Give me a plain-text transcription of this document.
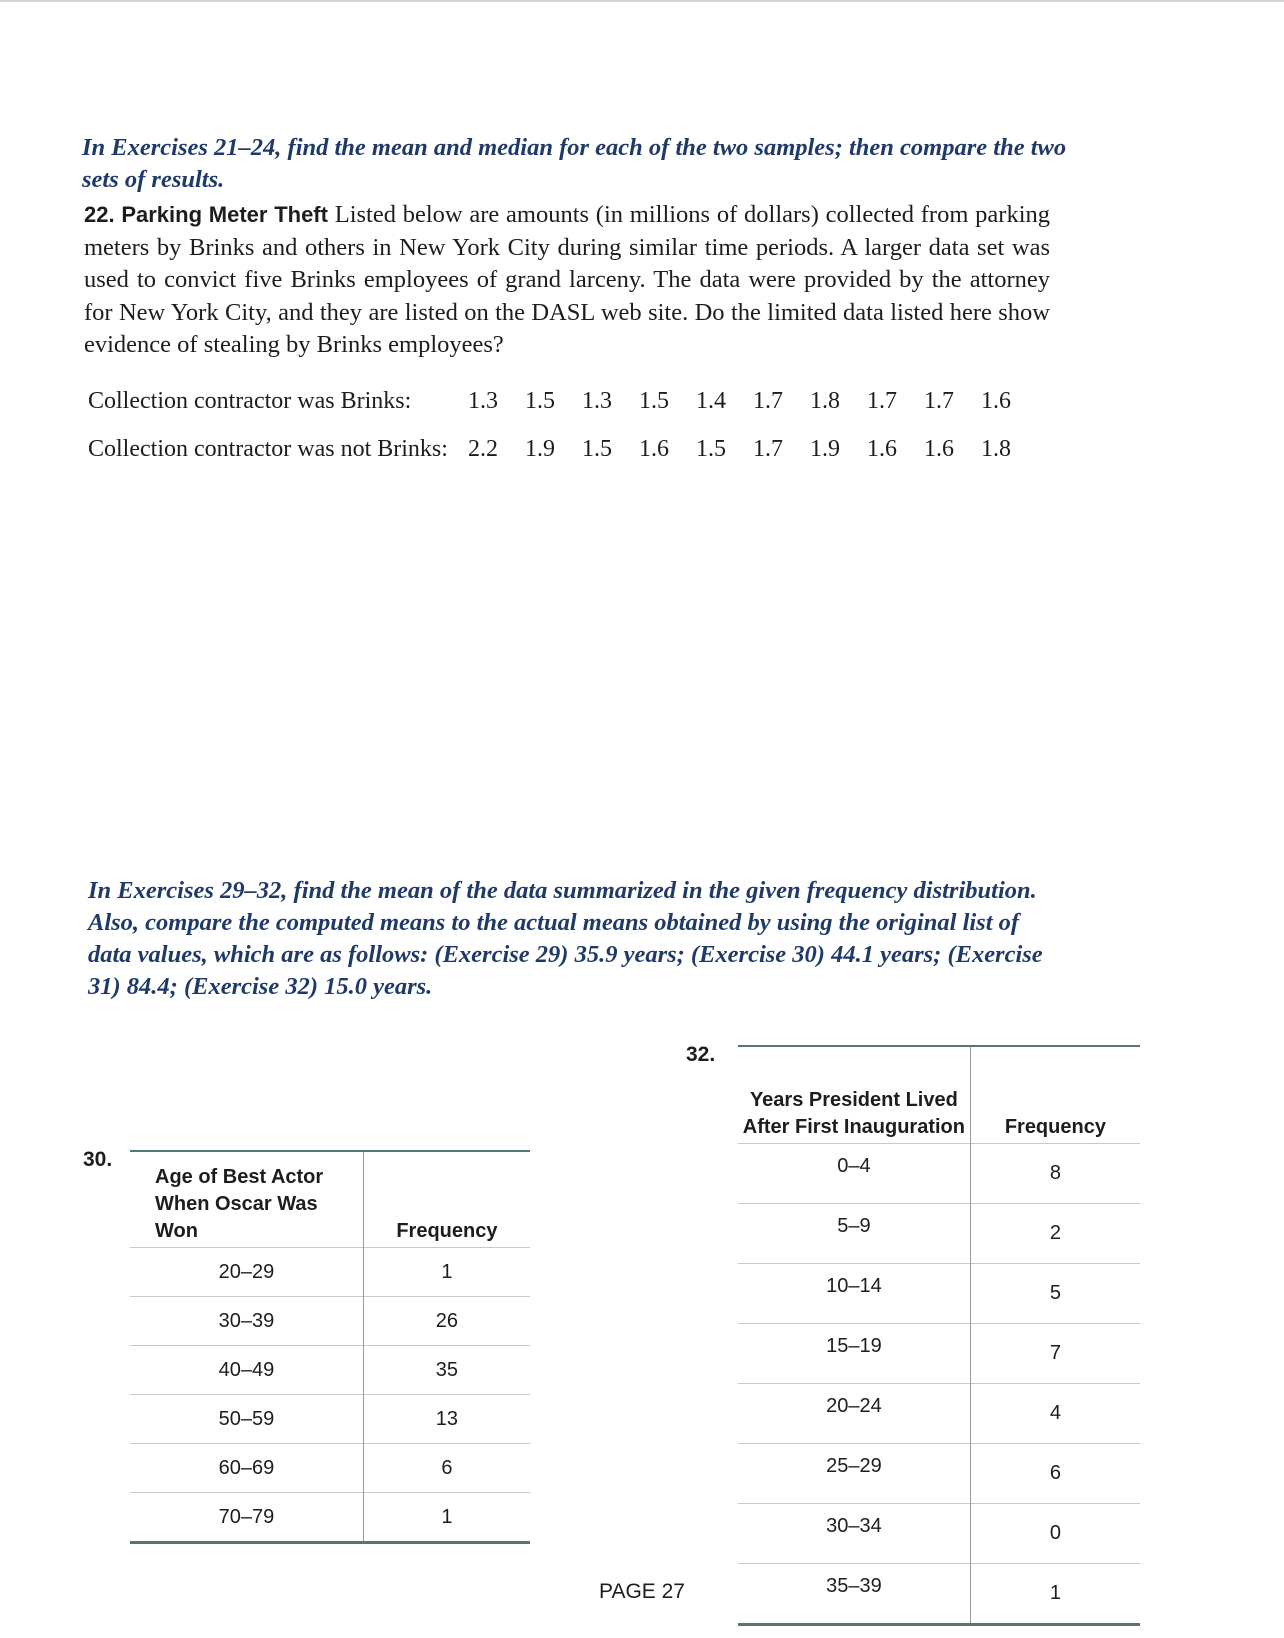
In Exercises 21–24, find the mean and median for each of the two samples; then compare the two sets of results.

22. Parking Meter Theft Listed below are amounts (in millions of dollars) collected from parking meters by Brinks and others in New York City during similar time periods. A larger data set was used to convict five Brinks employees of grand larceny. The data were provided by the attorney for New York City, and they are listed on the DASL web site. Do the limited data listed here show evidence of stealing by Brinks employees?

Collection contractor was Brinks: 1.3	1.5	1.3	1.5	1.4	1.7	1.8	1.7	1.7	1.6
Collection contractor was not Brinks: 2.2	1.9	1.5	1.6	1.5	1.7	1.9	1.6	1.6	1.8

In Exercises 29–32, find the mean of the data summarized in the given frequency distribution. Also, compare the computed means to the actual means obtained by using the original list of data values, which are as follows: (Exercise 29) 35.9 years; (Exercise 30) 44.1 years; (Exercise 31) 84.4; (Exercise 32) 15.0 years.

30.
Age of Best Actor When Oscar Was Won	Frequency
20–29	1
30–39	26
40–49	35
50–59	13
60–69	6
70–79	1
32.
Years President Lived After First Inauguration	Frequency
0–4	8
5–9	2
10–14	5
15–19	7
20–24	4
25–29	6
30–34	0
35–39	1
PAGE 27
